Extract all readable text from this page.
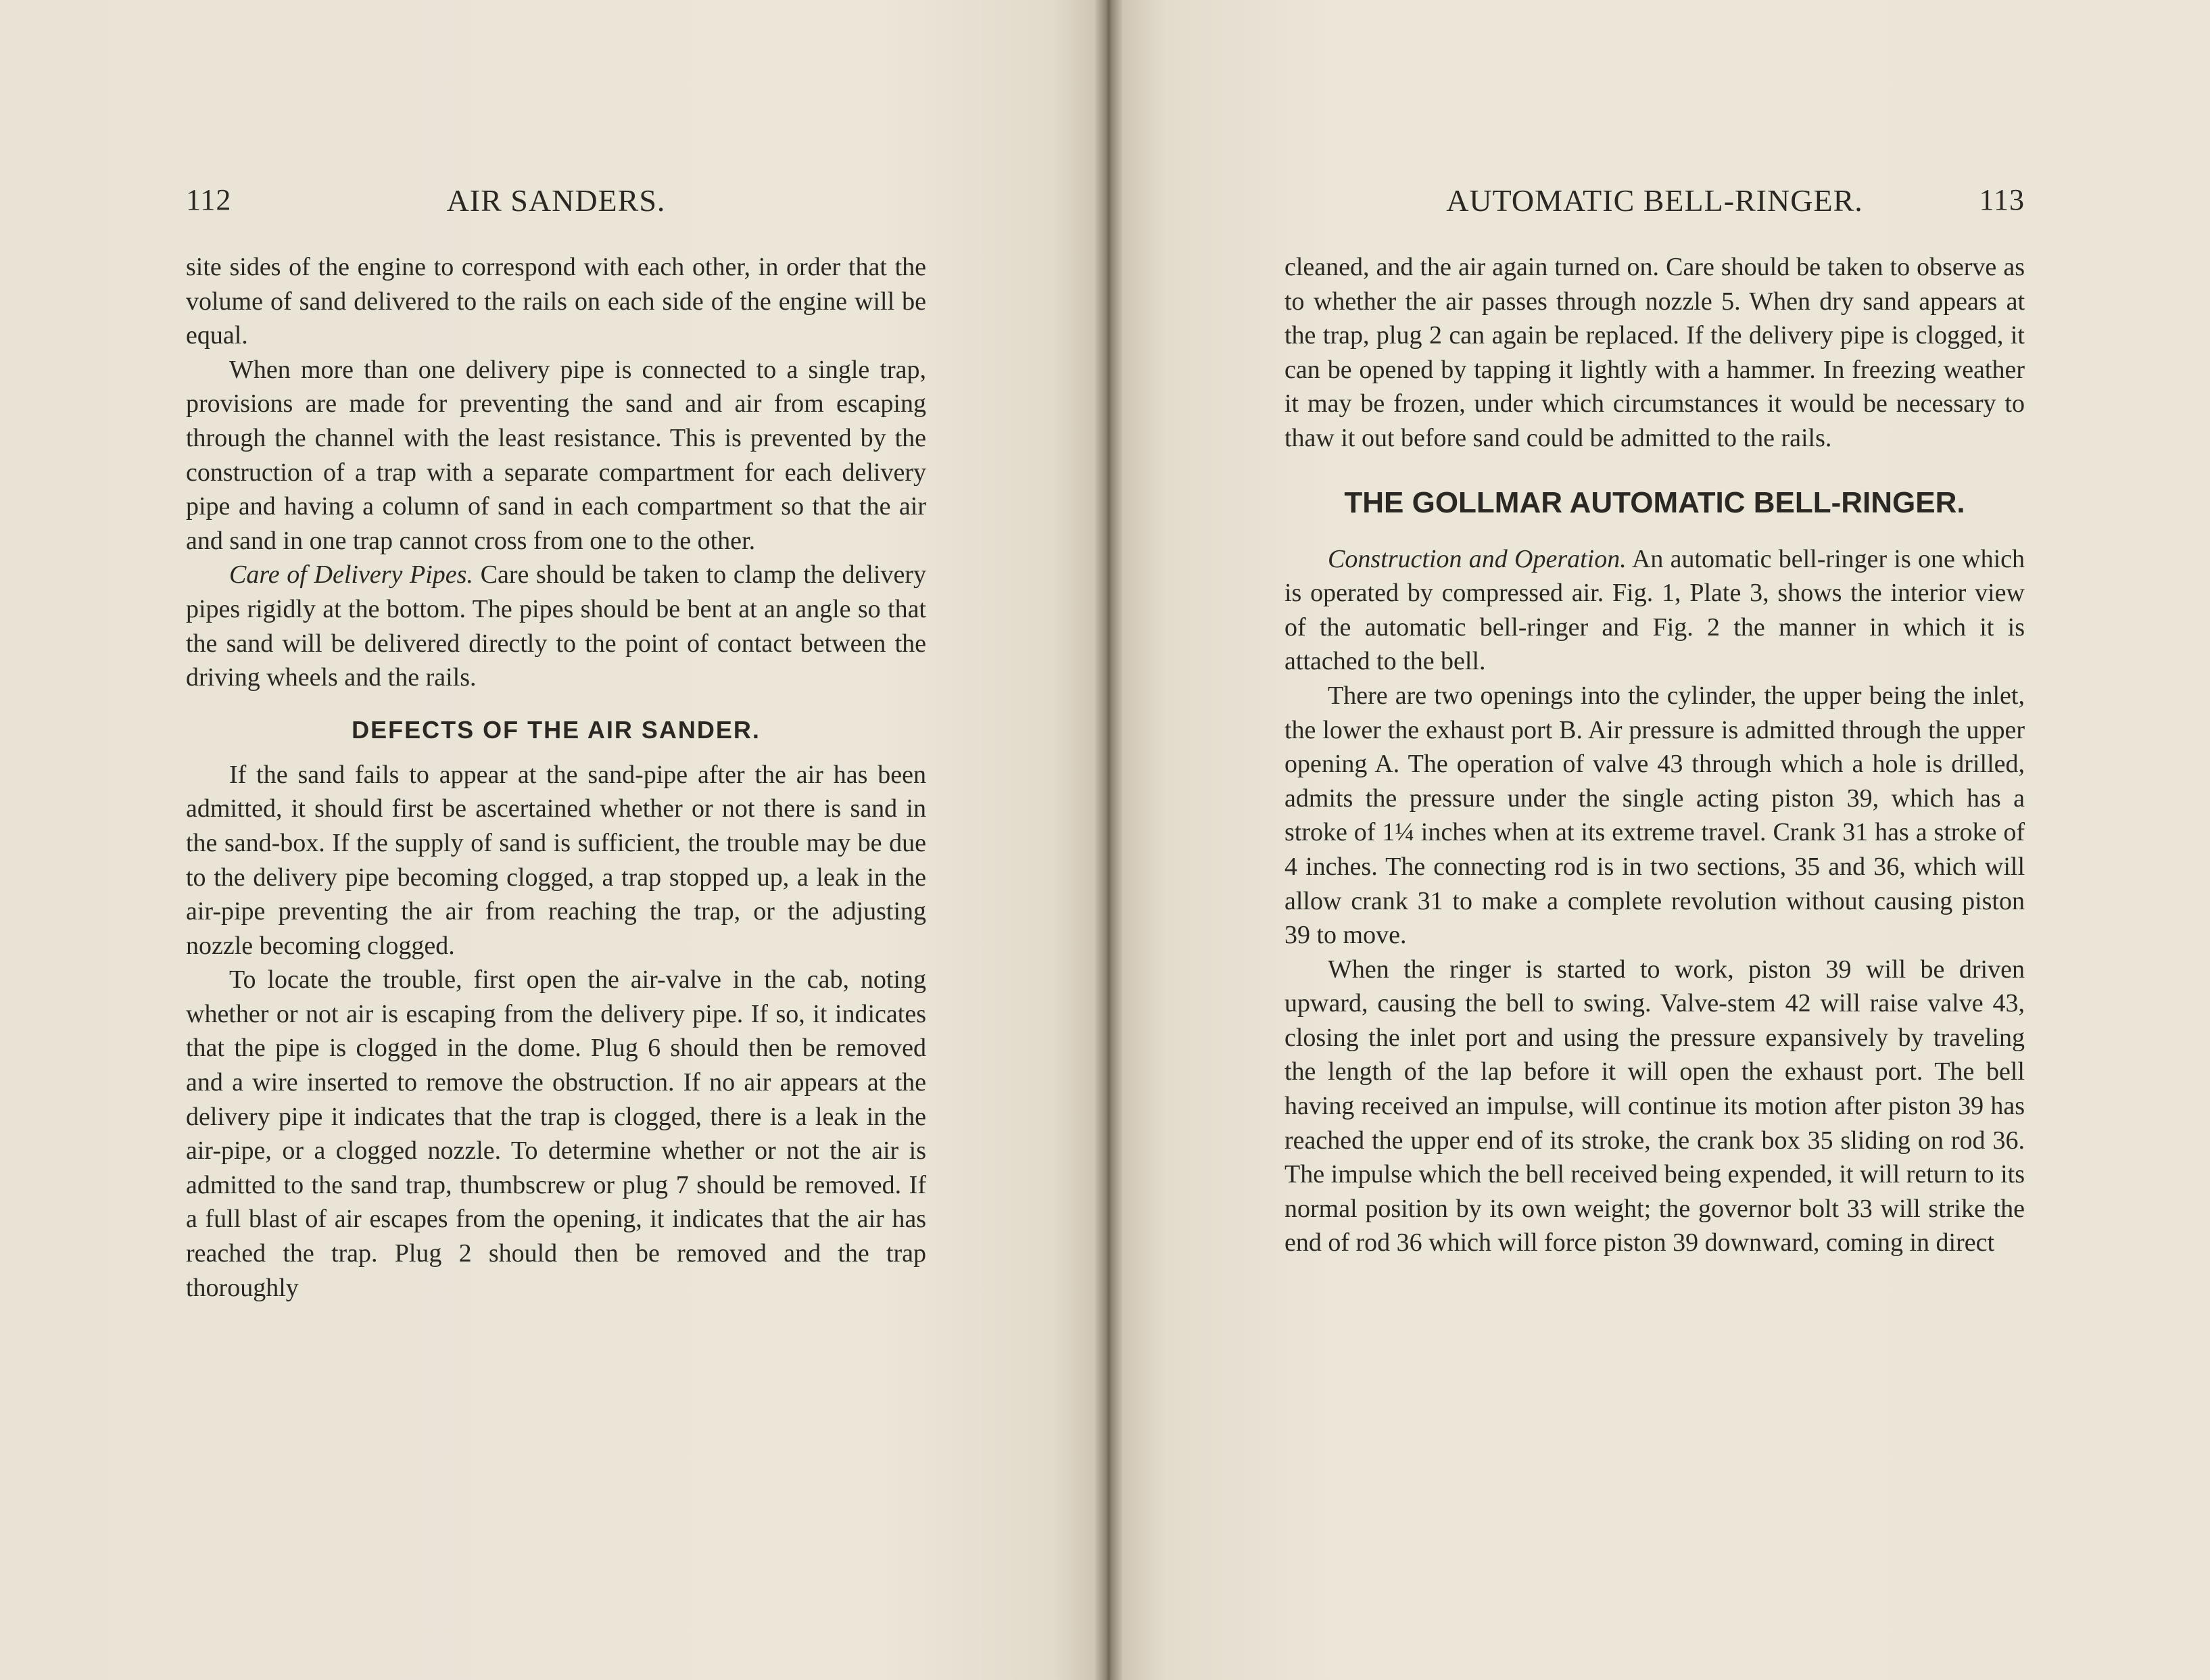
112	AIR SANDERS.	AUTOMATIC BELL-RINGER.	113

site sides of the engine to correspond with each other, in order that the volume of sand delivered to the rails on each side of the engine will be equal.

When more than one delivery pipe is connected to a single trap, provisions are made for preventing the sand and air from escaping through the channel with the least resistance. This is prevented by the construction of a trap with a separate compartment for each delivery pipe and having a column of sand in each compartment so that the air and sand in one trap cannot cross from one to the other.

Care of Delivery Pipes. Care should be taken to clamp the delivery pipes rigidly at the bottom. The pipes should be bent at an angle so that the sand will be delivered directly to the point of contact between the driving wheels and the rails.

DEFECTS OF THE AIR SANDER.

If the sand fails to appear at the sand-pipe after the air has been admitted, it should first be ascertained whether or not there is sand in the sand-box. If the supply of sand is sufficient, the trouble may be due to the delivery pipe becoming clogged, a trap stopped up, a leak in the air-pipe preventing the air from reaching the trap, or the adjusting nozzle becoming clogged.

To locate the trouble, first open the air-valve in the cab, noting whether or not air is escaping from the delivery pipe. If so, it indicates that the pipe is clogged in the dome. Plug 6 should then be removed and a wire inserted to remove the obstruction. If no air appears at the delivery pipe it indicates that the trap is clogged, there is a leak in the air-pipe, or a clogged nozzle. To determine whether or not the air is admitted to the sand trap, thumbscrew or plug 7 should be removed. If a full blast of air escapes from the opening, it indicates that the air has reached the trap. Plug 2 should then be removed and the trap thoroughly

cleaned, and the air again turned on. Care should be taken to observe as to whether the air passes through nozzle 5. When dry sand appears at the trap, plug 2 can again be replaced. If the delivery pipe is clogged, it can be opened by tapping it lightly with a hammer. In freezing weather it may be frozen, under which circumstances it would be necessary to thaw it out before sand could be admitted to the rails.

THE GOLLMAR AUTOMATIC BELL-RINGER.

Construction and Operation. An automatic bell-ringer is one which is operated by compressed air. Fig. 1, Plate 3, shows the interior view of the automatic bell-ringer and Fig. 2 the manner in which it is attached to the bell.

There are two openings into the cylinder, the upper being the inlet, the lower the exhaust port B. Air pressure is admitted through the upper opening A. The operation of valve 43 through which a hole is drilled, admits the pressure under the single acting piston 39, which has a stroke of 1¼ inches when at its extreme travel. Crank 31 has a stroke of 4 inches. The connecting rod is in two sections, 35 and 36, which will allow crank 31 to make a complete revolution without causing piston 39 to move.

When the ringer is started to work, piston 39 will be driven upward, causing the bell to swing. Valve-stem 42 will raise valve 43, closing the inlet port and using the pressure expansively by traveling the length of the lap before it will open the exhaust port. The bell having received an impulse, will continue its motion after piston 39 has reached the upper end of its stroke, the crank box 35 sliding on rod 36. The impulse which the bell received being expended, it will return to its normal position by its own weight; the governor bolt 33 will strike the end of rod 36 which will force piston 39 downward, coming in direct
